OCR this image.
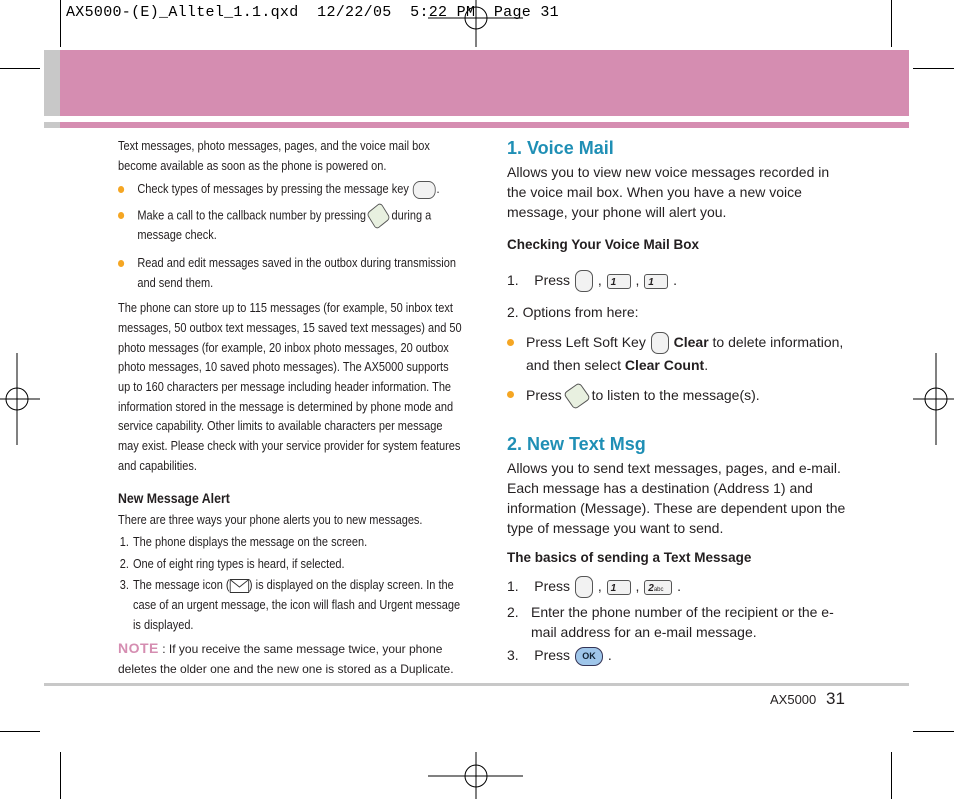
AX5000-(E)_Alltel_1.1.qxd  12/22/05  5:22 PM  Page 31

Text messages, photo messages, pages, and the voice mail box become available as soon as the phone is powered on.

Check types of messages by pressing the message key .
Make a call to the callback number by pressing during a message check.
Read and edit messages saved in the outbox during transmission and send them.

The phone can store up to 115 messages (for example, 50 inbox text messages, 50 outbox text messages, 15 saved text messages) and 50 photo messages (for example, 20 inbox photo messages, 20 outbox photo messages, 10 saved photo messages). The AX5000 supports up to 160 characters per message including header information. The information stored in the message is determined by phone mode and service capability. Other limits to available characters per message may exist. Please check with your service provider for system features and capabilities.

New Message Alert

There are three ways your phone alerts you to new messages.

1. The phone displays the message on the screen.
2. One of eight ring types is heard, if selected.
3. The message icon ( ) is displayed on the display screen. In the case of an urgent message, the icon will flash and Urgent message is displayed.
NOTE : If you receive the same message twice, your phone deletes the older one and the new one is stored as a Duplicate.
1. Voice Mail
Allows you to view new voice messages recorded in the voice mail box. When you have a new voice message, your phone will alert you.
Checking Your Voice Mail Box
1. Press  , 1 , 1 .
2. Options from here:
Press Left Soft Key Clear to delete information, and then select Clear Count.
Press to listen to the message(s).
2. New Text Msg
Allows you to send text messages, pages, and e-mail. Each message has a destination (Address 1) and information (Message). These are dependent upon the type of message you want to send.
The basics of sending a Text Message
1. Press  , 1 , 2abc .
2. Enter the phone number of the recipient or the e-mail address for an e-mail message.
3. Press OK .
AX5000 31
